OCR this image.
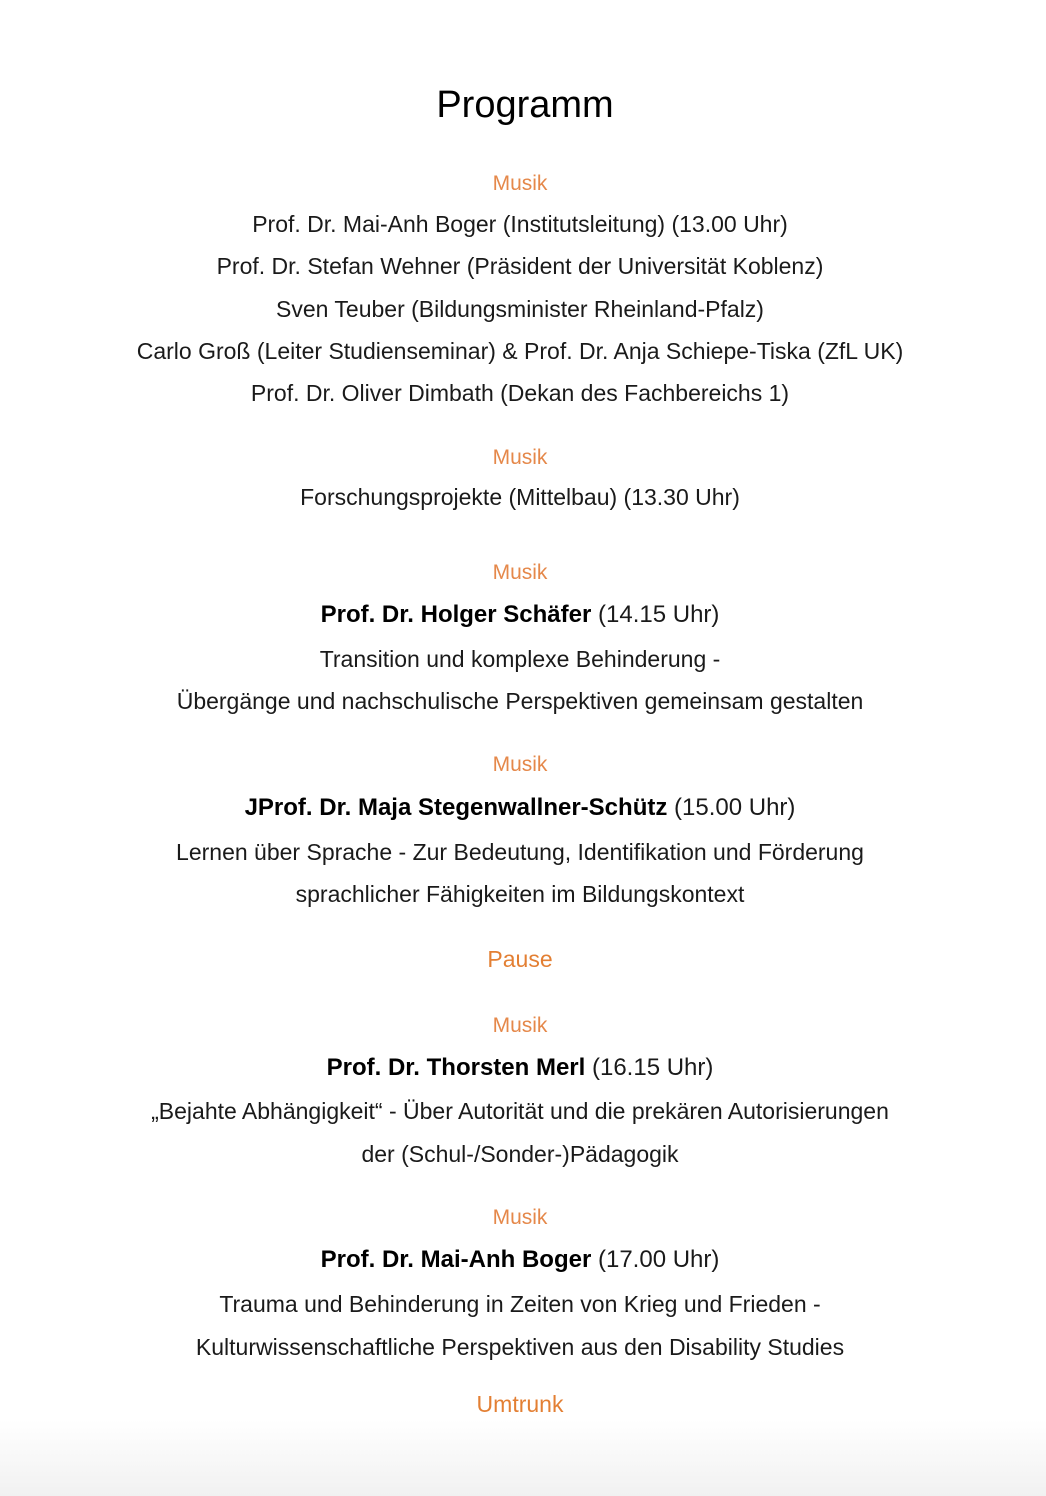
Programm
Musik
Prof. Dr. Mai-Anh Boger (Institutsleitung) (13.00 Uhr)
Prof. Dr. Stefan Wehner (Präsident der Universität Koblenz)
Sven Teuber (Bildungsminister Rheinland-Pfalz)
Carlo Groß (Leiter Studienseminar) & Prof. Dr. Anja Schiepe-Tiska (ZfL UK)
Prof. Dr. Oliver Dimbath (Dekan des Fachbereichs 1)
Musik
Forschungsprojekte (Mittelbau) (13.30 Uhr)
Musik
Prof. Dr. Holger Schäfer (14.15 Uhr)
Transition und komplexe Behinderung -
Übergänge und nachschulische Perspektiven gemeinsam gestalten
Musik
JProf. Dr. Maja Stegenwallner-Schütz (15.00 Uhr)
Lernen über Sprache - Zur Bedeutung, Identifikation und Förderung
sprachlicher Fähigkeiten im Bildungskontext
Pause
Musik
Prof. Dr. Thorsten Merl (16.15 Uhr)
„Bejahte Abhängigkeit“ - Über Autorität und die prekären Autorisierungen
der (Schul-/Sonder-)Pädagogik
Musik
Prof. Dr. Mai-Anh Boger (17.00 Uhr)
Trauma und Behinderung in Zeiten von Krieg und Frieden -
Kulturwissenschaftliche Perspektiven aus den Disability Studies
Umtrunk
